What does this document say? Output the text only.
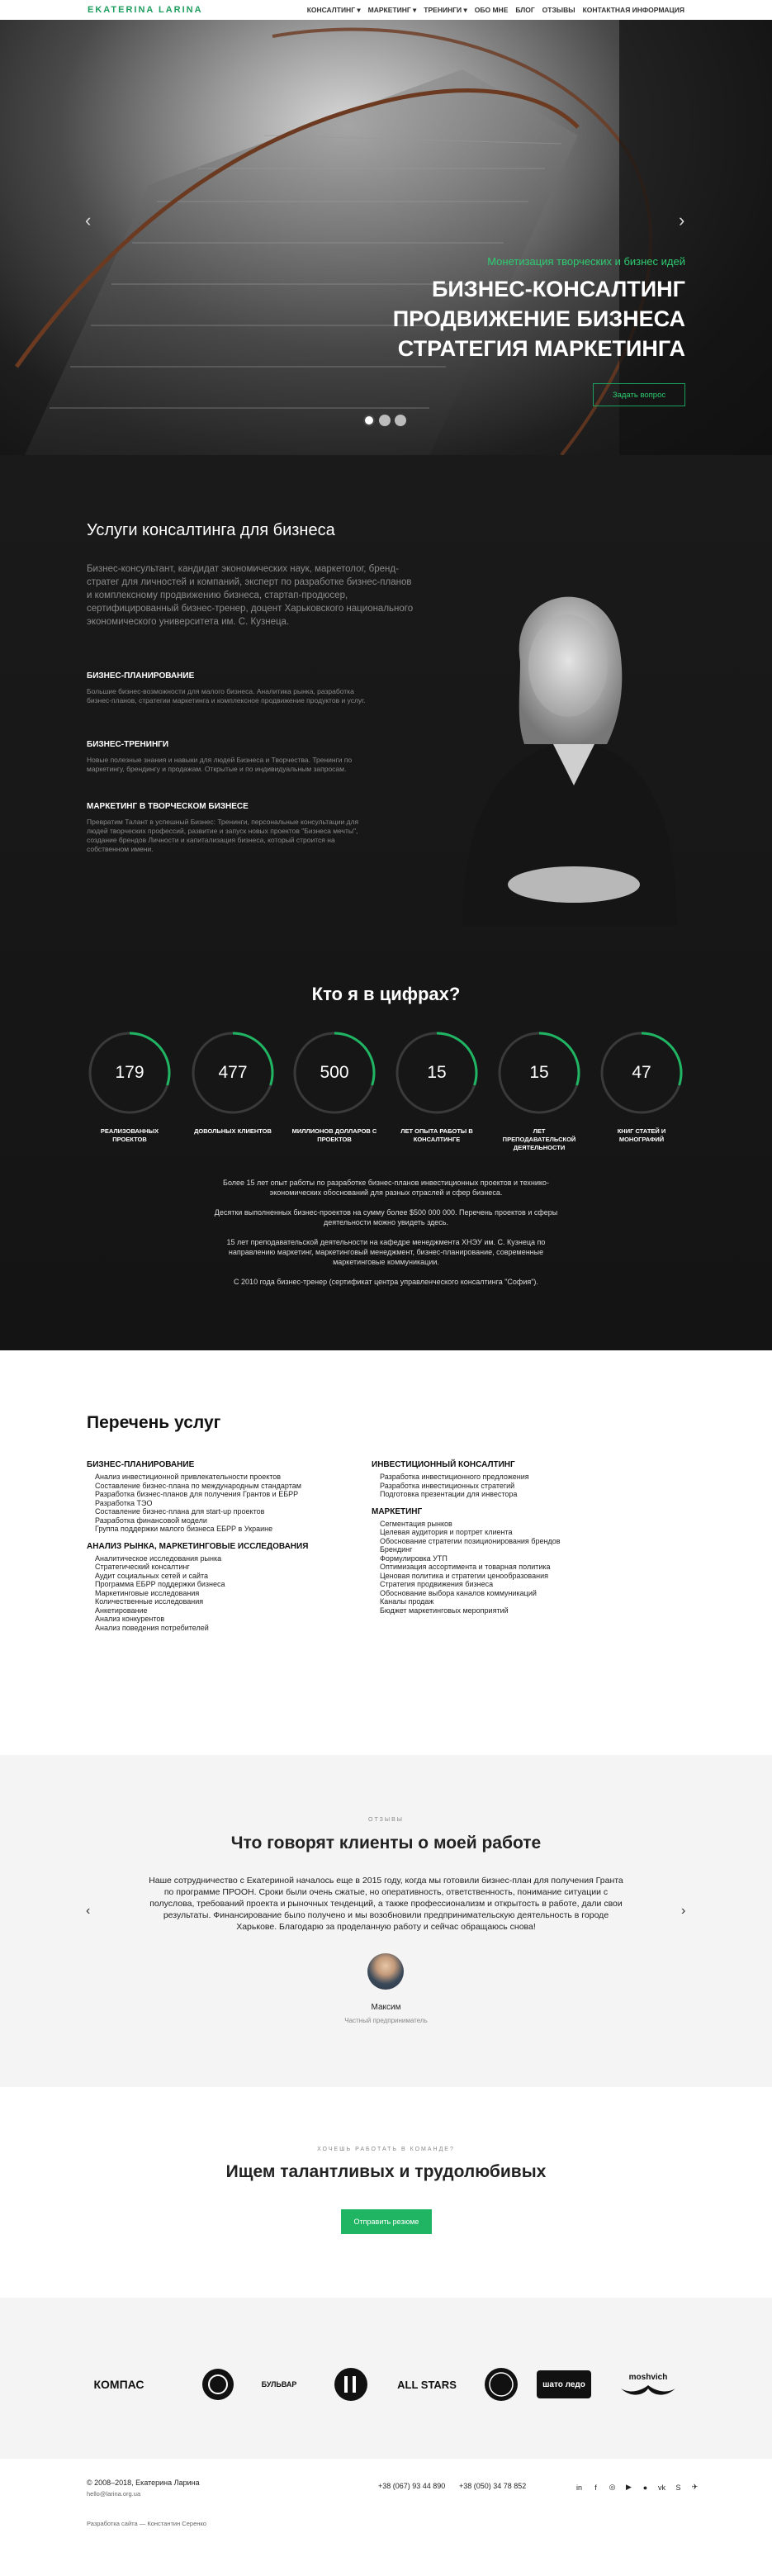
EKATERINA LARINA	КОНСАЛТИНГ ▾ МАРКЕТИНГ ▾ ТРЕНИНГИ ▾ ОБО МНЕ БЛОГ ОТЗЫВЫ КОНТАКТНАЯ ИНФОРМАЦИЯ
‹	›
Монетизация творческих и бизнес идей
БИЗНЕС-КОНСАЛТИНГ
ПРОДВИЖЕНИЕ БИЗНЕСА
СТРАТЕГИЯ МАРКЕТИНГА
Задать вопрос
Услуги консалтинга для бизнеса
Бизнес-консультант, кандидат экономических наук, маркетолог, бренд-стратег для личностей и компаний, эксперт по разработке бизнес-планов и комплексному продвижению бизнеса, стартап-продюсер, сертифицированный бизнес-тренер, доцент Харьковского национального экономического университета им. С. Кузнеца.
БИЗНЕС-ПЛАНИРОВАНИЕ

Большие бизнес-возможности для малого бизнеса. Аналитика рынка, разработка бизнес-планов, стратегии маркетинга и комплексное продвижение продуктов и услуг.

БИЗНЕС-ТРЕНИНГИ

Новые полезные знания и навыки для людей Бизнеса и Творчества. Тренинги по маркетингу, брендингу и продажам. Открытые и по индивидуальным запросам.

МАРКЕТИНГ В ТВОРЧЕСКОМ БИЗНЕСЕ

Превратим Талант в успешный Бизнес: Тренинги, персональные консультации для людей творческих профессий, развитие и запуск новых проектов "Бизнеса мечты", создание брендов Личности и капитализация бизнеса, который строится на собственном имени.

Кто я в цифрах?
179
РЕАЛИЗОВАННЫХ ПРОЕКТОВ
477
ДОВОЛЬНЫХ КЛИЕНТОВ
500
МИЛЛИОНОВ ДОЛЛАРОВ С ПРОЕКТОВ
15
ЛЕТ ОПЫТА РАБОТЫ В КОНСАЛТИНГЕ
15
ЛЕТ ПРЕПОДАВАТЕЛЬСКОЙ ДЕЯТЕЛЬНОСТИ
47
КНИГ СТАТЕЙ И МОНОГРАФИЙ

Более 15 лет опыт работы по разработке бизнес-планов инвестиционных проектов и технико-экономических обоснований для разных отраслей и сфер бизнеса.

Десятки выполненных бизнес-проектов на сумму более $500 000 000. Перечень проектов и сферы деятельности можно увидеть здесь.

15 лет преподавательской деятельности на кафедре менеджмента ХНЭУ им. С. Кузнеца по направлению маркетинг, маркетинговый менеджмент, бизнес-планирование, современные маркетинговые коммуникации.

С 2010 года бизнес-тренер (сертификат центра управленческого консалтинга "София").

Перечень услуг
БИЗНЕС-ПЛАНИРОВАНИЕ
Анализ инвестиционной привлекательности проектов
Составление бизнес-плана по международным стандартам
Разработка бизнес-планов для получения Грантов и ЕБРР
Разработка ТЭО
Составление бизнес-плана для start-up проектов
Разработка финансовой модели
Группа поддержки малого бизнеса ЕБРР в Украине
АНАЛИЗ РЫНКА, МАРКЕТИНГОВЫЕ ИССЛЕДОВАНИЯ
Аналитическое исследования рынка
Стратегический консалтинг
Аудит социальных сетей и сайта
Программа ЕБРР поддержки бизнеса
Маркетинговые исследования
Количественные исследования
Анкетирование
Анализ конкурентов
Анализ поведения потребителей
ИНВЕСТИЦИОННЫЙ КОНСАЛТИНГ
Разработка инвестиционного предложения
Разработка инвестиционных стратегий
Подготовка презентации для инвестора
МАРКЕТИНГ
Сегментация рынков
Целевая аудитория и портрет клиента
Обоснование стратегии позиционирования брендов
Брендинг
Формулировка УТП
Оптимизация ассортимента и товарная политика
Ценовая политика и стратегии ценообразования
Стратегия продвижения бизнеса
Обоснование выбора каналов коммуникаций
Каналы продаж
Бюджет маркетинговых мероприятий
ОТЗЫВЫ
Что говорят клиенты о моей работе
‹	›
Наше сотрудничество с Екатериной началось еще в 2015 году, когда мы готовили бизнес-план для получения Гранта по программе ПРООН. Сроки были очень сжатые, но оперативность, ответственность, понимание ситуации с полуслова, требований проекта и рыночных тенденций, а также профессионализм и открытость в работе, дали свои результаты. Финансирование было получено и мы возобновили предпринимательскую деятельность в городе Харькове. Благодарю за проделанную работу и сейчас обращаюсь снова!
Максим
Частный предприниматель
ХОЧЕШЬ РАБОТАТЬ В КОМАНДЕ?
Ищем талантливых и трудолюбивых
Отправить резюме
КОМПАС	БУЛЬВАР	ALL STARS	шато ледо
moshvich
© 2008–2018, Екатерина Ларина
hello@larina.org.ua
+38 (067) 93 44 890 +38 (050) 34 78 852	in	f	◎	▶	●	vk	S	✈
Разработка сайта — Константин Серенко
